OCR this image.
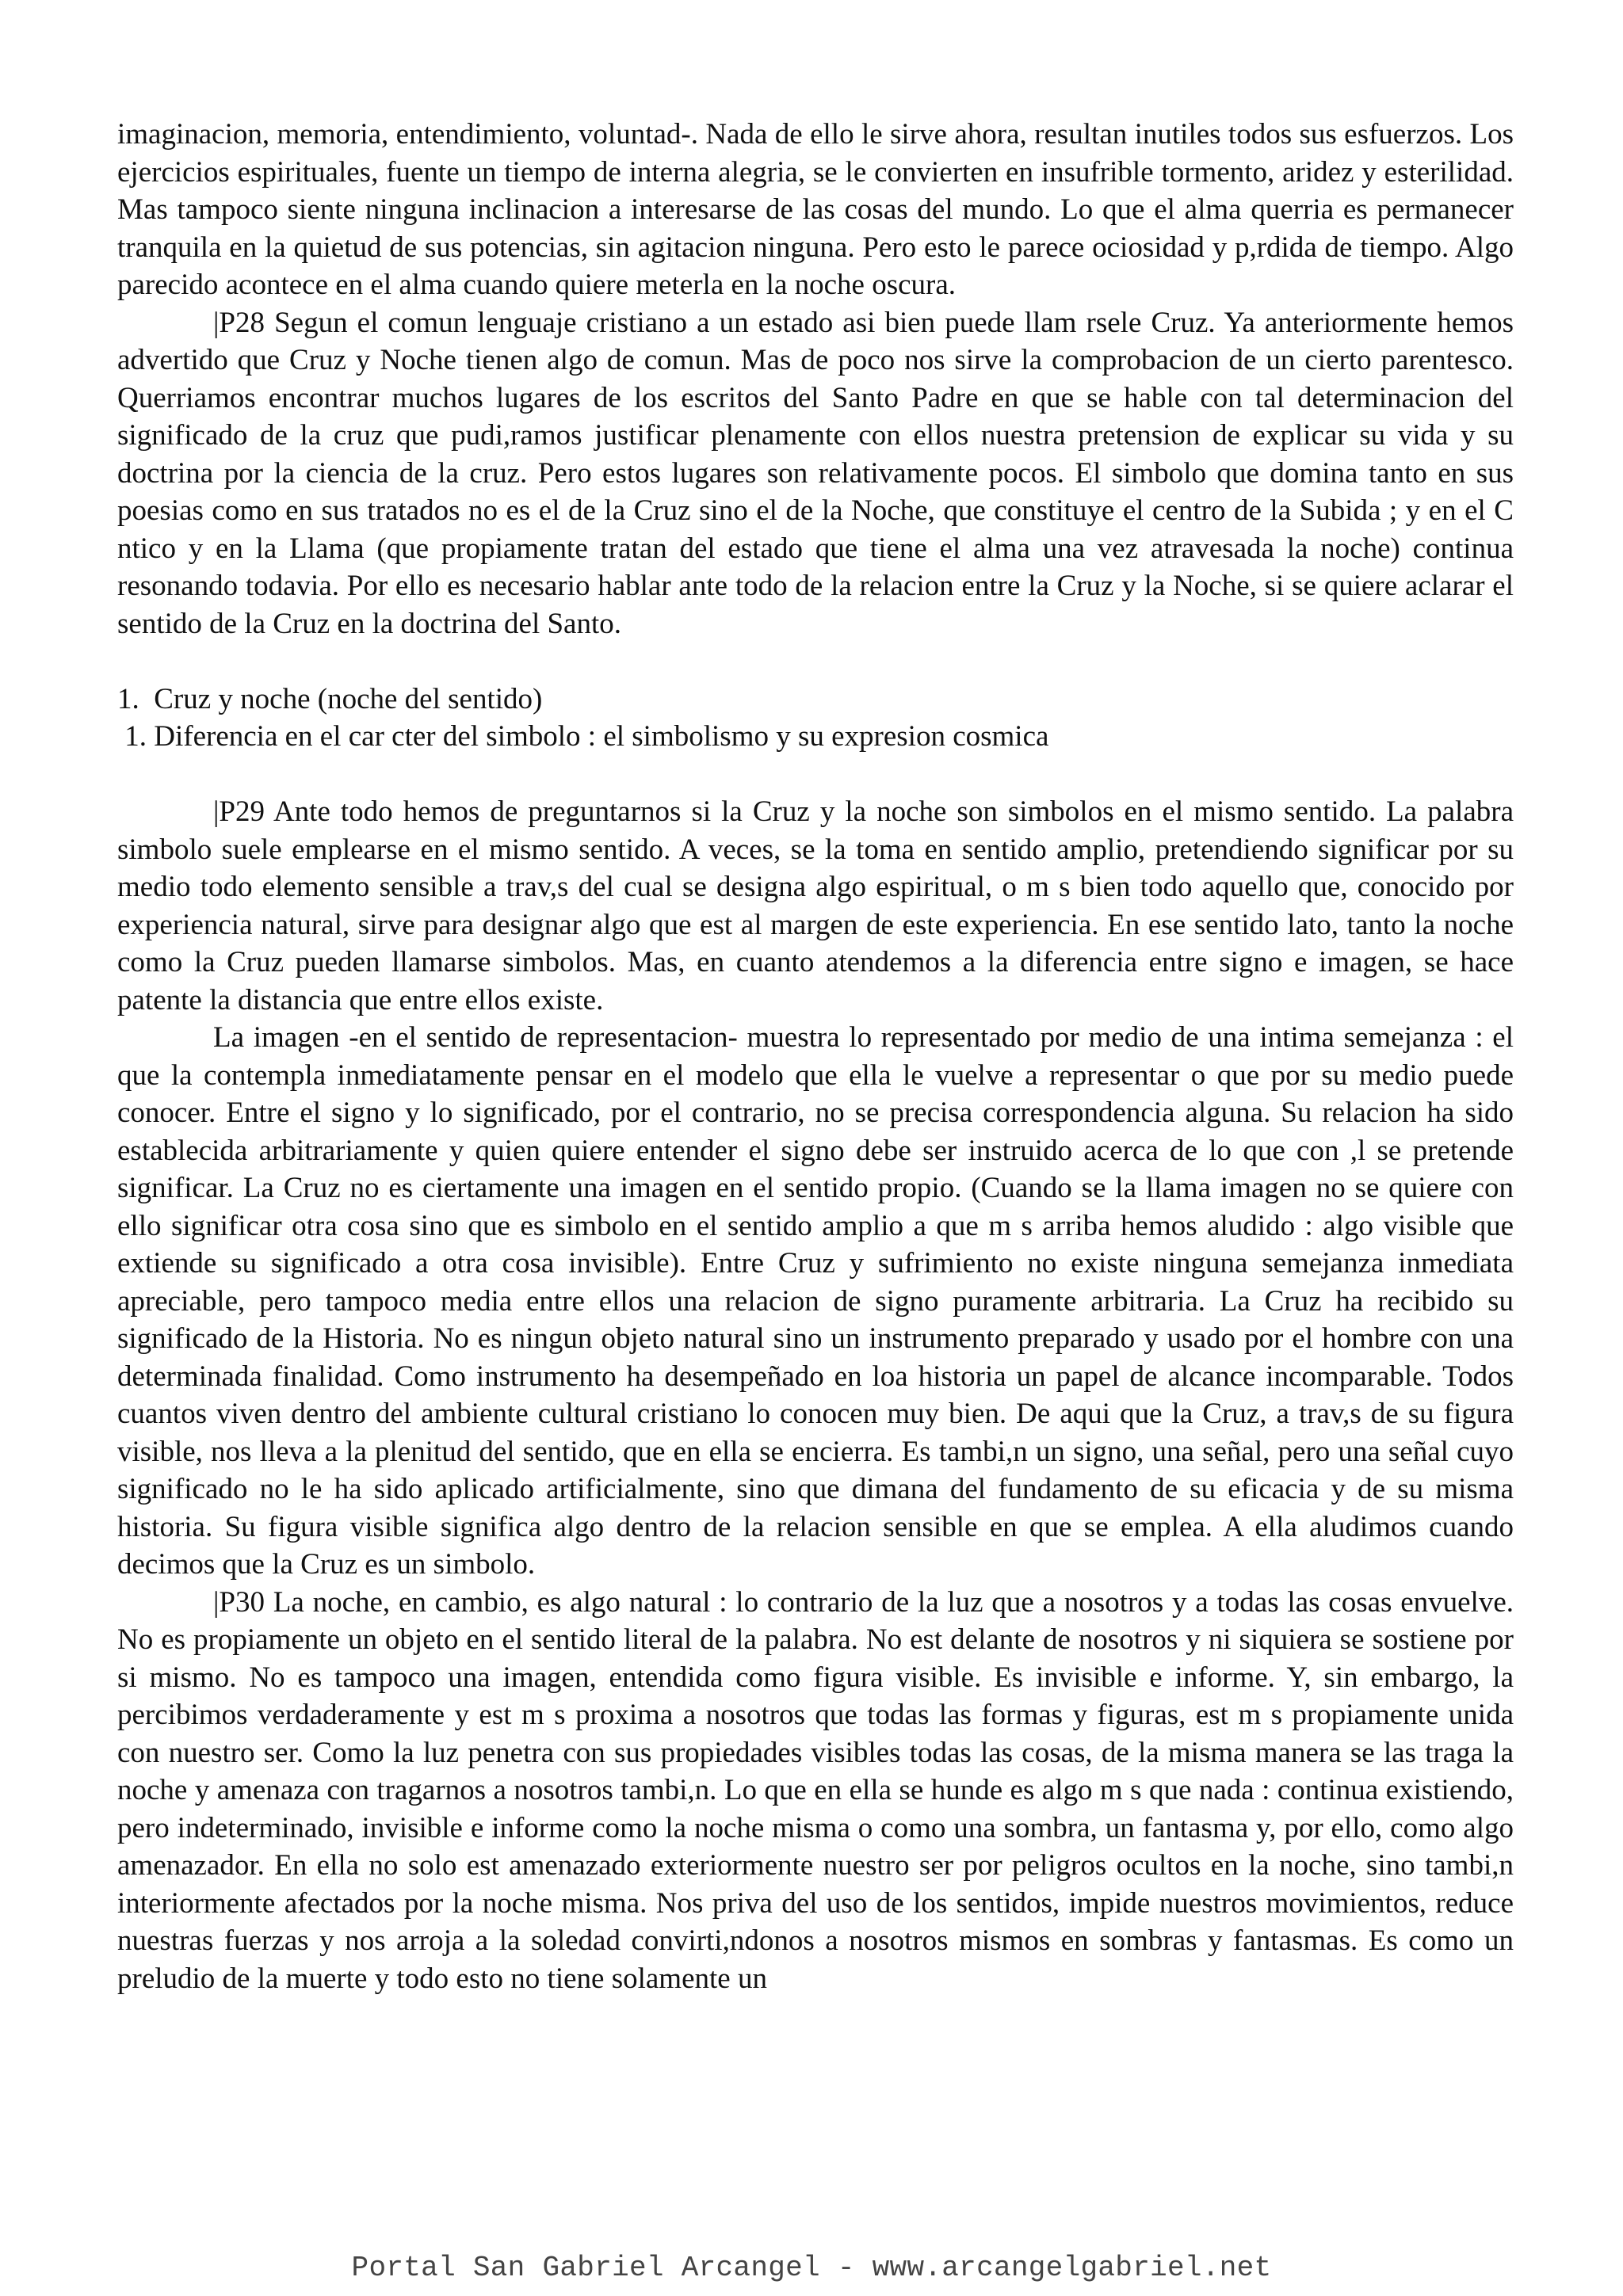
imaginacion, memoria, entendimiento, voluntad-. Nada de ello le sirve ahora, resultan inutiles todos sus esfuerzos. Los ejercicios espirituales, fuente un tiempo de interna alegria, se le convierten en insufrible tormento, aridez y esterilidad. Mas tampoco siente ninguna inclinacion a interesarse de las cosas del mundo. Lo que el alma querria es permanecer tranquila en la quietud de sus potencias, sin agitacion ninguna. Pero esto le parece ociosidad y p,rdida de tiempo. Algo parecido acontece en el alma cuando quiere meterla en la noche oscura.

|P28 Segun el comun lenguaje cristiano a un estado asi bien puede llam rsele Cruz. Ya anteriormente hemos advertido que Cruz y Noche tienen algo de comun. Mas de poco nos sirve la comprobacion de un cierto parentesco. Querriamos encontrar muchos lugares de los escritos del Santo Padre en que se hable con tal determinacion del significado de la cruz que pudi,ramos justificar plenamente con ellos nuestra pretension de explicar su vida y su doctrina por la ciencia de la cruz. Pero estos lugares son relativamente pocos. El simbolo que domina tanto en sus poesias como en sus tratados no es el de la Cruz sino el de la Noche, que constituye el centro de la Subida ; y en el C ntico y en la Llama (que propiamente tratan del estado que tiene el alma una vez atravesada la noche) continua resonando todavia. Por ello es necesario hablar ante todo de la relacion entre la Cruz y la Noche, si se quiere aclarar el sentido de la Cruz en la doctrina del Santo.

1.  Cruz y noche (noche del sentido)

1. Diferencia en el car cter del simbolo : el simbolismo y su expresion cosmica

|P29 Ante todo hemos de preguntarnos si la Cruz y la noche son simbolos en el mismo sentido. La palabra simbolo suele emplearse en el mismo sentido. A veces, se la toma en sentido amplio, pretendiendo significar por su medio todo elemento sensible a trav,s del cual se designa algo espiritual, o m s bien todo aquello que, conocido por experiencia natural, sirve para designar algo que est al margen de este experiencia. En ese sentido lato, tanto la noche como la Cruz pueden llamarse simbolos. Mas, en cuanto atendemos a la diferencia entre signo e imagen, se hace patente la distancia que entre ellos existe.

La imagen -en el sentido de representacion- muestra lo representado por medio de una intima semejanza : el que la contempla inmediatamente pensar en el modelo que ella le vuelve a representar o que por su medio puede conocer. Entre el signo y lo significado, por el contrario, no se precisa correspondencia alguna. Su relacion ha sido establecida arbitrariamente y quien quiere entender el signo debe ser instruido acerca de lo que con ,l se pretende significar. La Cruz no es ciertamente una imagen en el sentido propio. (Cuando se la llama imagen no se quiere con ello significar otra cosa sino que es simbolo en el sentido amplio a que m s arriba hemos aludido : algo visible que extiende su significado a otra cosa invisible). Entre Cruz y sufrimiento no existe ninguna semejanza inmediata apreciable, pero tampoco media entre ellos una relacion de signo puramente arbitraria. La Cruz ha recibido su significado de la Historia. No es ningun objeto natural sino un instrumento preparado y usado por el hombre con una determinada finalidad. Como instrumento ha desempeñado en loa historia un papel de alcance incomparable. Todos cuantos viven dentro del ambiente cultural cristiano lo conocen muy bien. De aqui que la Cruz, a trav,s de su figura visible, nos lleva a la plenitud del sentido, que en ella se encierra. Es tambi,n un signo, una señal, pero una señal cuyo significado no le ha sido aplicado artificialmente, sino que dimana del fundamento de su eficacia y de su misma historia. Su figura visible significa algo dentro de la relacion sensible en que se emplea. A ella aludimos cuando decimos que la Cruz es un simbolo.

|P30 La noche, en cambio, es algo natural : lo contrario de la luz que a nosotros y a todas las cosas envuelve. No es propiamente un objeto en el sentido literal de la palabra. No est delante de nosotros y ni siquiera se sostiene por si mismo. No es tampoco una imagen, entendida como figura visible. Es invisible e informe. Y, sin embargo, la percibimos verdaderamente y est m s proxima a nosotros que todas las formas y figuras, est m s propiamente unida con nuestro ser. Como la luz penetra con sus propiedades visibles todas las cosas, de la misma manera se las traga la noche y amenaza con tragarnos a nosotros tambi,n. Lo que en ella se hunde es algo m s que nada : continua existiendo, pero indeterminado, invisible e informe como la noche misma o como una sombra, un fantasma y, por ello, como algo amenazador. En ella no solo est amenazado exteriormente nuestro ser por peligros ocultos en la noche, sino tambi,n interiormente afectados por la noche misma. Nos priva del uso de los sentidos, impide nuestros movimientos, reduce nuestras fuerzas y nos arroja a la soledad convirti,ndonos a nosotros mismos en sombras y fantasmas. Es como un preludio de la muerte y todo esto no tiene solamente un

Portal San Gabriel Arcangel - www.arcangelgabriel.net
